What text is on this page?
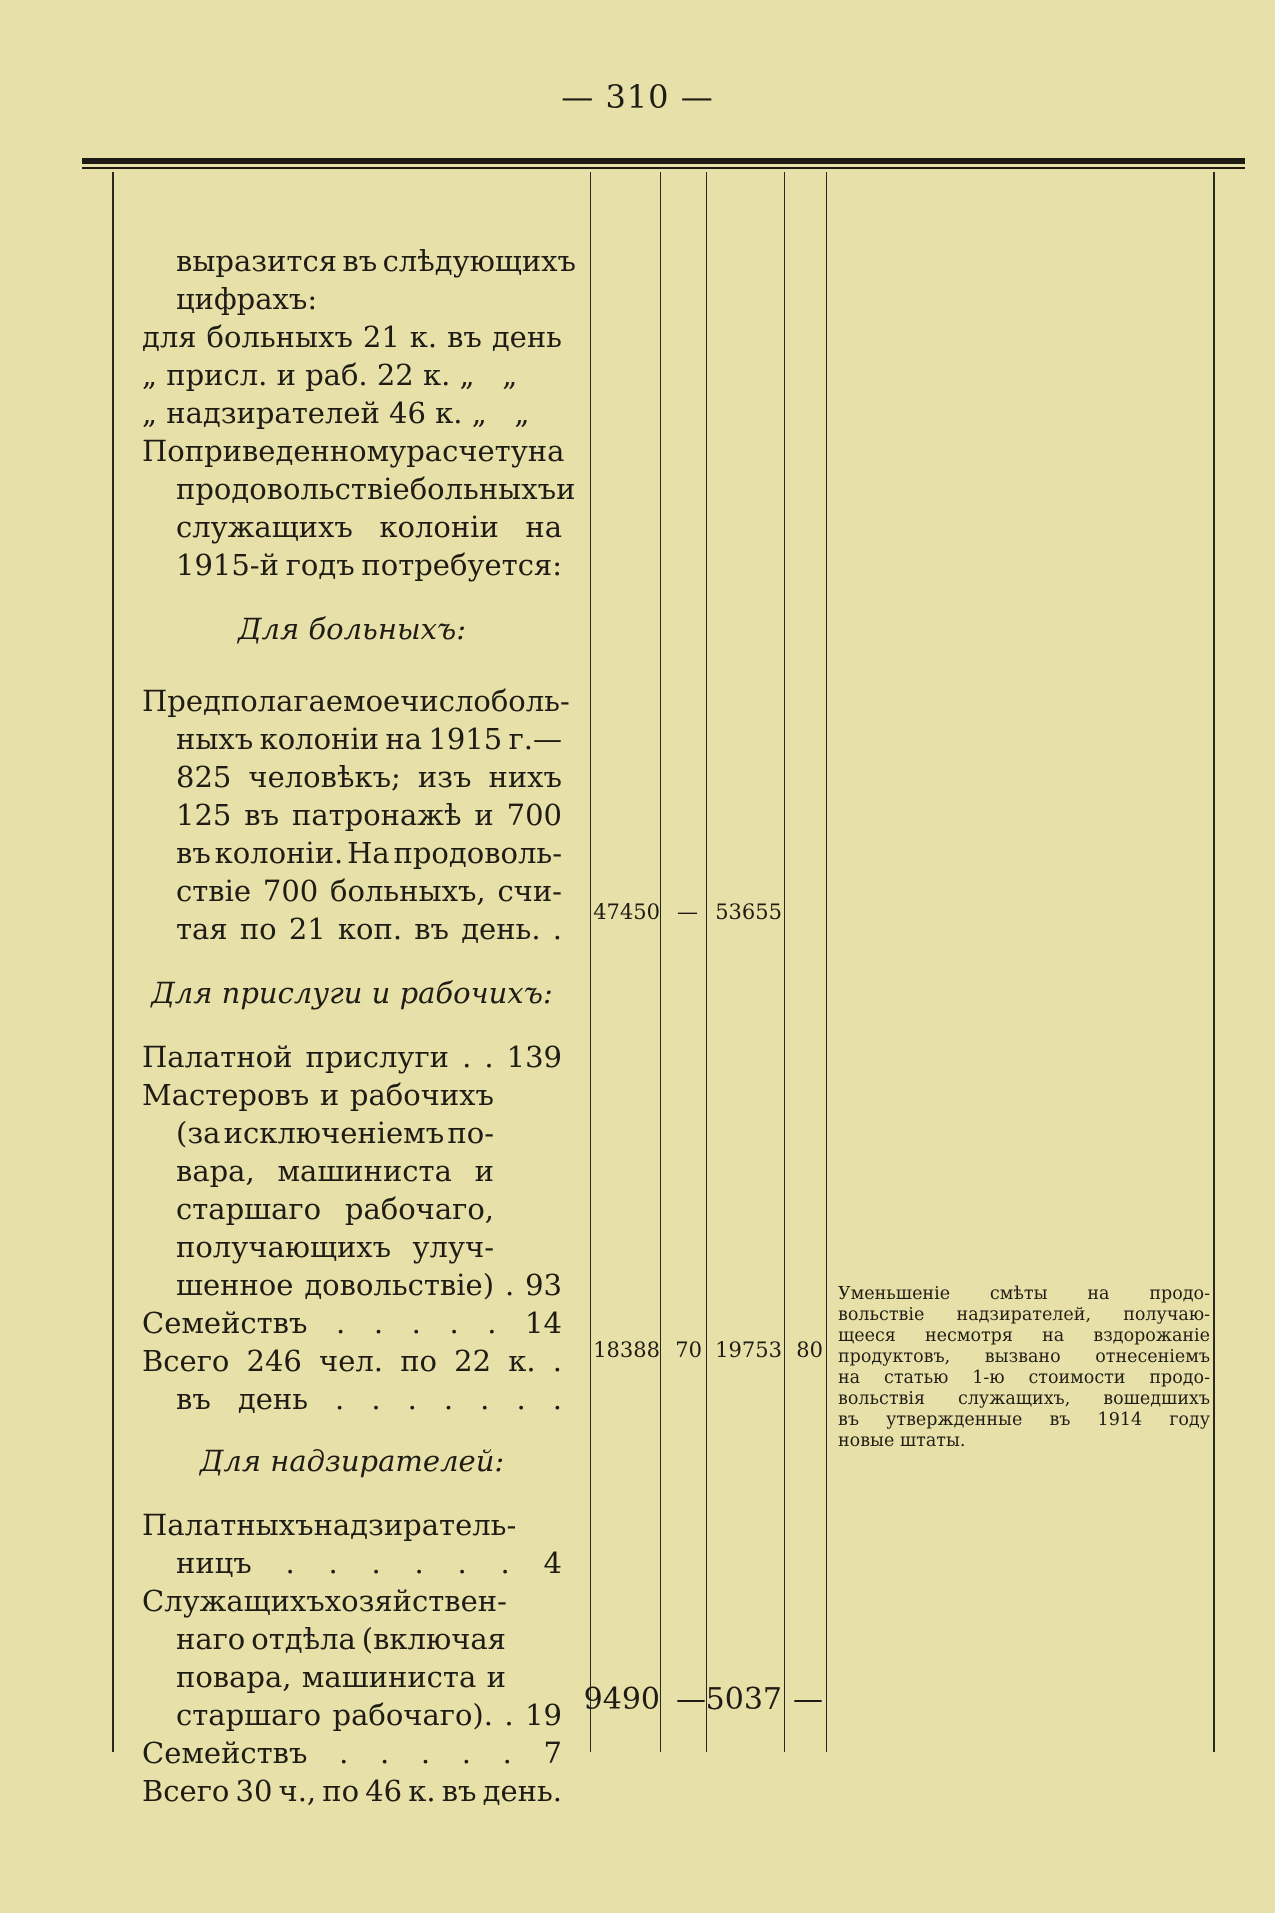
— 310 —
выразится въ слѣдующихъ
цифрахъ:
для больныхъ 21 к. въ день
„ присл. и раб. 22 к. „   „
„ надзирателей 46 к. „   „
По приведенному расчету на
продовольствіе больныхъ и
служащихъ колоніи на
1915-й годъ потребуется:
Для больныхъ:
Предполагаемое число боль-
ныхъ колоніи на 1915 г.—
825 человѣкъ; изъ нихъ
125 въ патронажѣ и 700
въ колоніи. На продоволь-
ствіе 700 больныхъ, счи-
тая по 21 коп. въ день. .
Для прислуги и рабочихъ:
Палатной прислуги . . 139
Мастеровъ и рабочихъ
(за исключеніемъ по-
вара, машиниста и
старшаго рабочаго,
получающихъ улуч-
шенное довольствіе) . 93
Семействъ . . . . . 14
Всего 246 чел. по 22 к. .
въ день . . . . . . .
Для надзирателей:
Палатныхъ надзиратель-
ницъ . . . . . . 4
Служащихъ хозяйствен-
наго отдѣла (включая
повара, машиниста и
старшаго рабочаго). . 19
Семействъ . . . . . 7
Всего 30 ч., по 46 к. въ день.
47450 — 53655
18388 70 19753 80
9490 — 5037 —
Уменьшеніе смѣты на продо-
вольствіе надзирателей, получаю-
щееся несмотря на вздорожаніе
продуктовъ, вызвано отнесеніемъ
на статью 1-ю стоимости продо-
вольствія служащихъ, вошедшихъ
въ утвержденные въ 1914 году
новые штаты.
